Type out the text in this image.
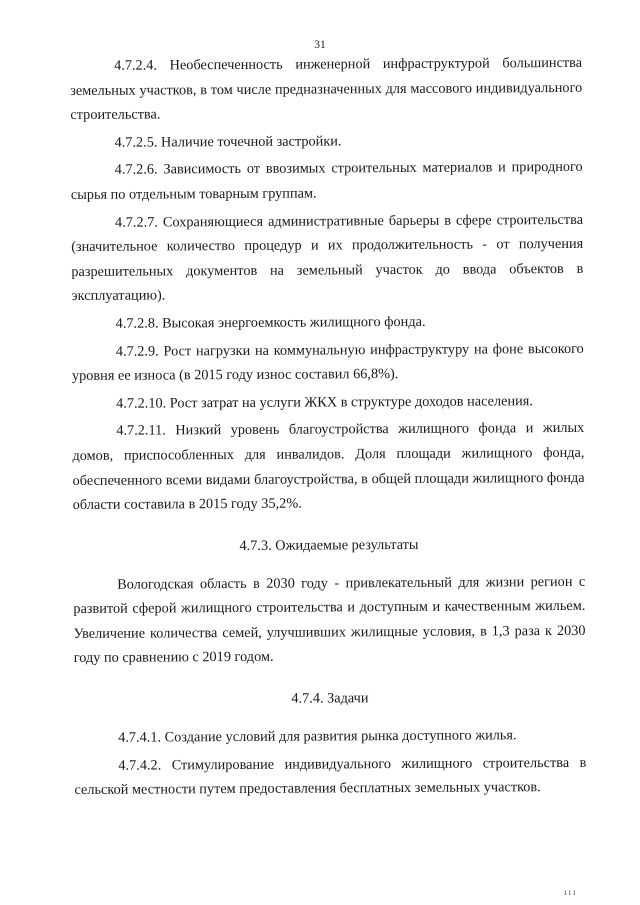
31

4.7.2.4. Необеспеченность инженерной инфраструктурой большинства земельных участков, в том числе предназначенных для массового индивидуального строительства.

4.7.2.5. Наличие точечной застройки.

4.7.2.6. Зависимость от ввозимых строительных материалов и природного сырья по отдельным товарным группам.

4.7.2.7. Сохраняющиеся административные барьеры в сфере строительства (значительное количество процедур и их продолжительность - от получения разрешительных документов на земельный участок до ввода объектов в эксплуатацию).

4.7.2.8. Высокая энергоемкость жилищного фонда.

4.7.2.9. Рост нагрузки на коммунальную инфраструктуру на фоне высокого уровня ее износа (в 2015 году износ составил 66,8%).

4.7.2.10. Рост затрат на услуги ЖКХ в структуре доходов населения.

4.7.2.11. Низкий уровень благоустройства жилищного фонда и жилых домов, приспособленных для инвалидов. Доля площади жилищного фонда, обеспеченного всеми видами благоустройства, в общей площади жилищного фонда области составила в 2015 году 35,2%.

4.7.3. Ожидаемые результаты

Вологодская область в 2030 году - привлекательный для жизни регион с развитой сферой жилищного строительства и доступным и качественным жильем. Увеличение количества семей, улучшивших жилищные условия, в 1,3 раза к 2030 году по сравнению с 2019 годом.

4.7.4. Задачи

4.7.4.1. Создание условий для развития рынка доступного жилья.

4.7.4.2. Стимулирование индивидуального жилищного строительства в сельской местности путем предоставления бесплатных земельных участков.

ııı
